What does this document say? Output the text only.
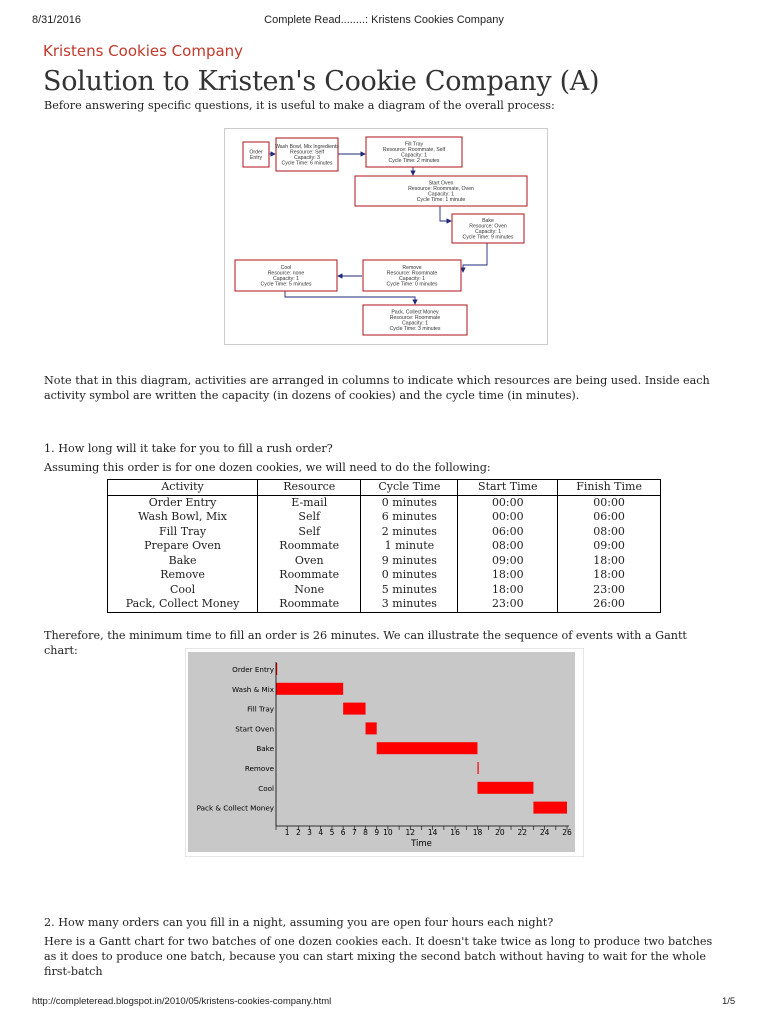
8/31/2016	Complete Read........: Kristens Cookies Company
Kristens Cookies Company
Solution to Kristen's Cookie Company (A)

Before answering specific questions, it is useful to make a diagram of the overall process:

Order
Entry
Wash Bowl, Mix Ingredients
Resource: Self
Capacity: 3
Cycle Time: 6 minutes
Fill Tray
Resource: Roommate, Self
Capacity: 1
Cycle Time: 2 minutes
Start Oven
Resource: Roommate, Oven
Capacity: 1
Cycle Time: 1 minute
Bake
Resource: Oven
Capacity: 1
Cycle Time: 9 minutes
Remove
Resource: Roommate
Capacity: 1
Cycle Time: 0 minutes
Cool
Resource: none
Capacity: 1
Cycle Time: 5 minutes
Pack, Collect Money
Resource: Roommate
Capacity: 1
Cycle Time: 3 minutes

Note that in this diagram, activities are arranged in columns to indicate which resources are being used. Inside each activity symbol are written the capacity (in dozens of cookies) and the cycle time (in minutes).

1. How long will it take for you to fill a rush order?

Assuming this order is for one dozen cookies, we will need to do the following:

Activity	Resource	Cycle Time	Start Time	Finish Time
Order Entry	E-mail	0 minutes	00:00	00:00
Wash Bowl, Mix	Self	6 minutes	00:00	06:00
Fill Tray	Self	2 minutes	06:00	08:00
Prepare Oven	Roommate	1 minute	08:00	09:00
Bake	Oven	9 minutes	09:00	18:00
Remove	Roommate	0 minutes	18:00	18:00
Cool	None	5 minutes	18:00	23:00
Pack, Collect Money	Roommate	3 minutes	23:00	26:00

Therefore, the minimum time to fill an order is 26 minutes. We can illustrate the sequence of events with a Gantt chart:

Order Entry
Wash & Mix
Fill Tray
Start Oven
Bake
Remove
Cool
Pack & Collect Money
1 2 3 4 5 6 7 8 9 10 12 14 16 18 20 22 24 26
Time

2. How many orders can you fill in a night, assuming you are open four hours each night?

Here is a Gantt chart for two batches of one dozen cookies each. It doesn't take twice as long to produce two batches as it does to produce one batch, because you can start mixing the second batch without having to wait for the whole first-batch

http://completeread.blogspot.in/2010/05/kristens-cookies-company.html	1/5
